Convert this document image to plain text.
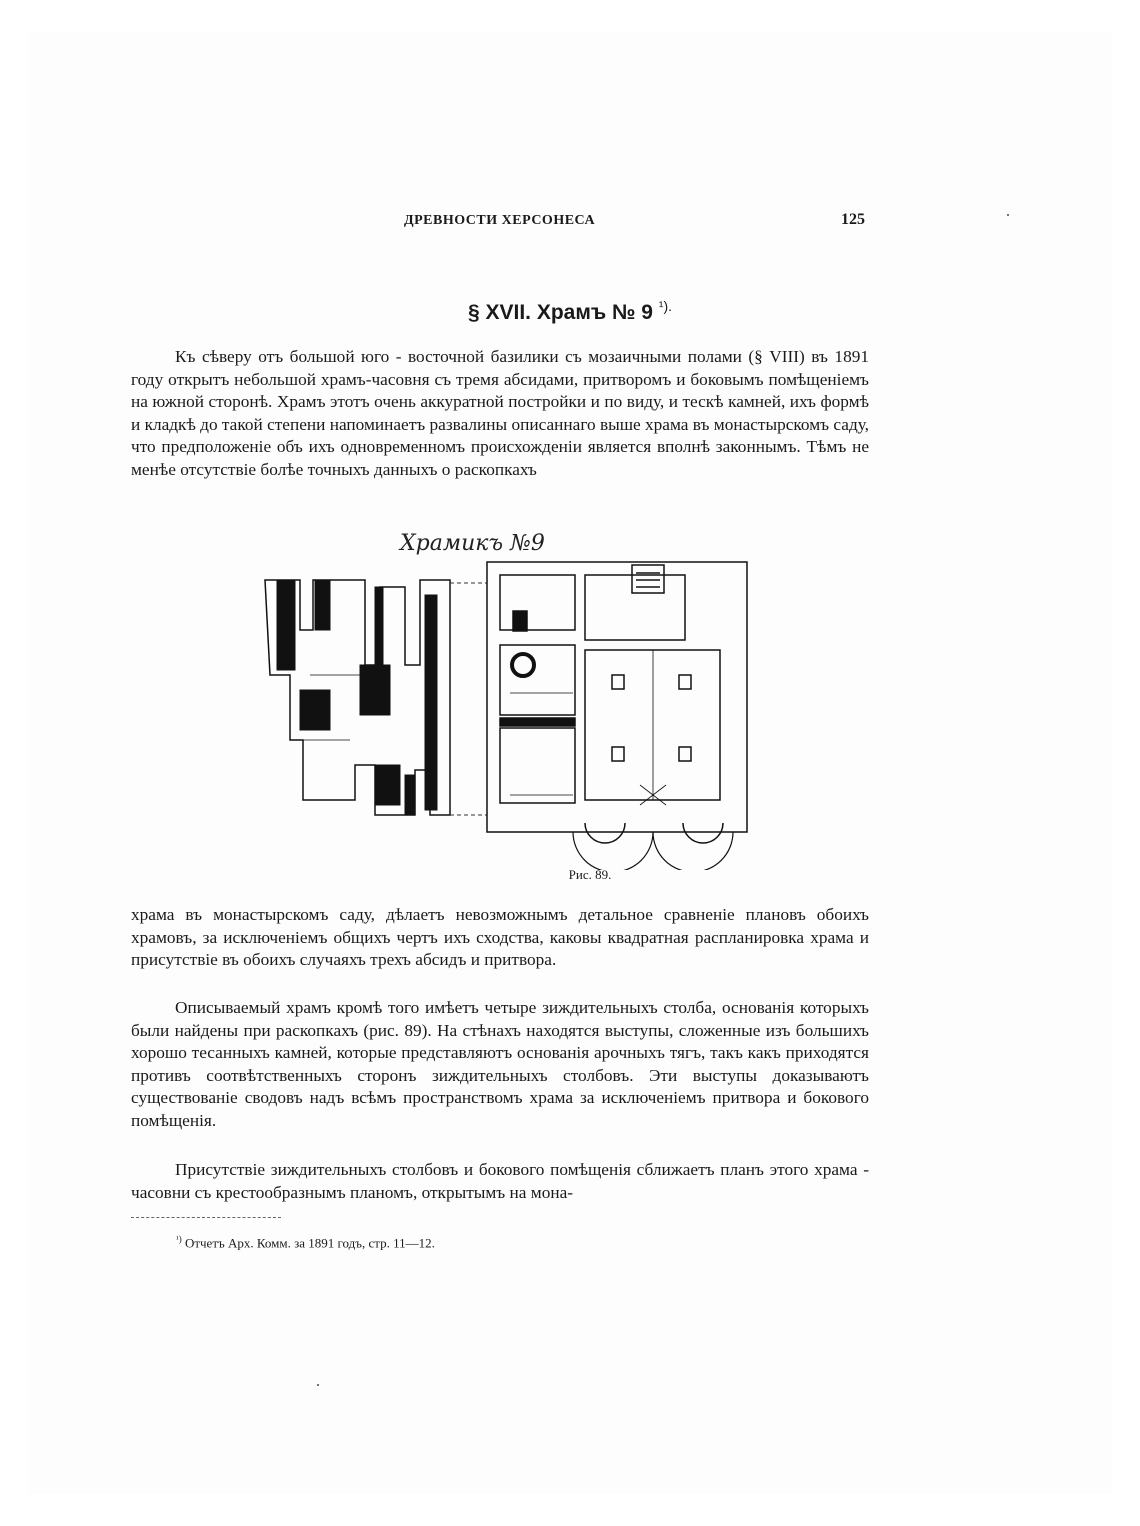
ДРЕВНОСТИ ХЕРСОНЕСА	125
§ XVII. Храмъ № 9 $^{^1).}$

Къ сѣверу отъ большой юго - восточной базилики съ мозаичными полами (§ VIII) въ 1891 году открытъ небольшой храмъ-часовня съ тремя абсидами, притворомъ и боковымъ помѣщеніемъ на южной сторонѣ. Храмъ этотъ очень аккуратной постройки и по виду, и тескѣ камней, ихъ формѣ и кладкѣ до такой степени напоминаетъ развалины описаннаго выше храма въ монастырскомъ саду, что предположеніе объ ихъ одновременномъ происхожденіи является вполнѣ законнымъ. Тѣмъ не менѣе отсутствіе болѣе точныхъ данныхъ о раскопкахъ

Храмикъ №9
Рис. 89.

храма въ монастырскомъ саду, дѣлаетъ невозможнымъ детальное сравненіе плановъ обоихъ храмовъ, за исключеніемъ общихъ чертъ ихъ сходства, каковы квадратная распланировка храма и присутствіе въ обоихъ случаяхъ трехъ абсидъ и притвора.

Описываемый храмъ кромѣ того имѣетъ четыре зиждительныхъ столба, основанія которыхъ были найдены при раскопкахъ (рис. 89). На стѣнахъ находятся выступы, сложенные изъ большихъ хорошо тесанныхъ камней, которые представляютъ основанія арочныхъ тягъ, такъ какъ приходятся противъ соотвѣтственныхъ сторонъ зиждительныхъ столбовъ. Эти выступы доказываютъ существованіе сводовъ надъ всѣмъ пространствомъ храма за исключеніемъ притвора и бокового помѣщенія.

Присутствіе зиждительныхъ столбовъ и бокового помѣщенія сближаетъ планъ этого храма - часовни съ крестообразнымъ планомъ, открытымъ на мона-

$^{^1)}$ Отчетъ Арх. Комм. за 1891 годъ, стр. 11—12.
